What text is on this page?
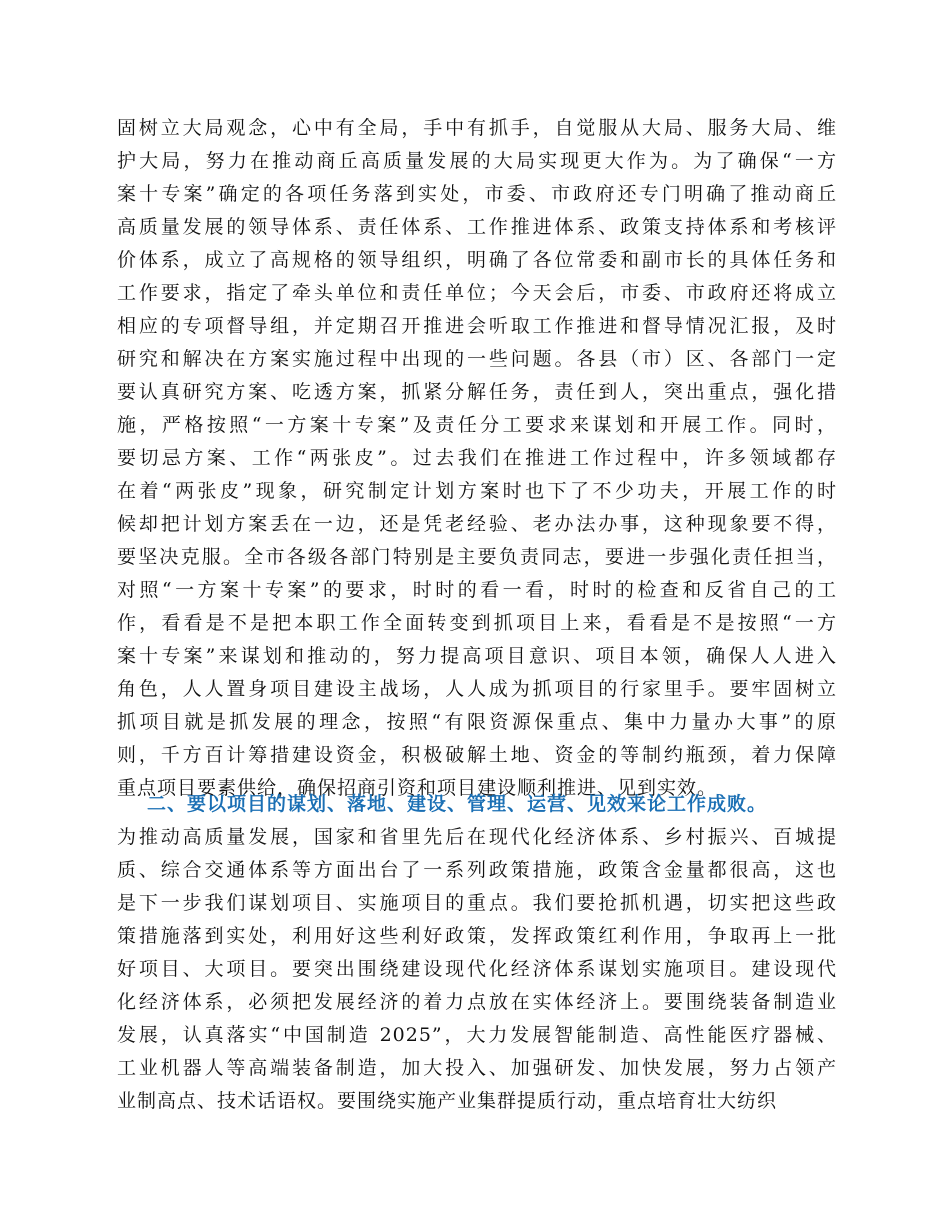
固树立大局观念，心中有全局，手中有抓手，自觉服从大局、服务大局、维
护大局，努力在推动商丘高质量发展的大局实现更大作为。为了确保“一方
案十专案”确定的各项任务落到实处，市委、市政府还专门明确了推动商丘
高质量发展的领导体系、责任体系、工作推进体系、政策支持体系和考核评
价体系，成立了高规格的领导组织，明确了各位常委和副市长的具体任务和
工作要求，指定了牵头单位和责任单位；今天会后，市委、市政府还将成立
相应的专项督导组，并定期召开推进会听取工作推进和督导情况汇报，及时
研究和解决在方案实施过程中出现的一些问题。各县（市）区、各部门一定
要认真研究方案、吃透方案，抓紧分解任务，责任到人，突出重点，强化措
施，严格按照“一方案十专案”及责任分工要求来谋划和开展工作。同时，
要切忌方案、工作“两张皮”。过去我们在推进工作过程中，许多领域都存
在着“两张皮”现象，研究制定计划方案时也下了不少功夫，开展工作的时
候却把计划方案丢在一边，还是凭老经验、老办法办事，这种现象要不得，
要坚决克服。全市各级各部门特别是主要负责同志，要进一步强化责任担当，
对照“一方案十专案”的要求，时时的看一看，时时的检查和反省自己的工
作，看看是不是把本职工作全面转变到抓项目上来，看看是不是按照“一方
案十专案”来谋划和推动的，努力提高项目意识、项目本领，确保人人进入
角色，人人置身项目建设主战场，人人成为抓项目的行家里手。要牢固树立
抓项目就是抓发展的理念，按照“有限资源保重点、集中力量办大事”的原
则，千方百计筹措建设资金，积极破解土地、资金的等制约瓶颈，着力保障
重点项目要素供给，确保招商引资和项目建设顺利推进、见到实效。
二、要以项目的谋划、落地、建设、管理、运营、见效来论工作成败。
为推动高质量发展，国家和省里先后在现代化经济体系、乡村振兴、百城提
质、综合交通体系等方面出台了一系列政策措施，政策含金量都很高，这也
是下一步我们谋划项目、实施项目的重点。我们要抢抓机遇，切实把这些政
策措施落到实处，利用好这些利好政策，发挥政策红利作用，争取再上一批
好项目、大项目。要突出围绕建设现代化经济体系谋划实施项目。建设现代
化经济体系，必须把发展经济的着力点放在实体经济上。要围绕装备制造业
发展，认真落实“中国制造 2025”，大力发展智能制造、高性能医疗器械、
工业机器人等高端装备制造，加大投入、加强研发、加快发展，努力占领产
业制高点、技术话语权。要围绕实施产业集群提质行动，重点培育壮大纺织
